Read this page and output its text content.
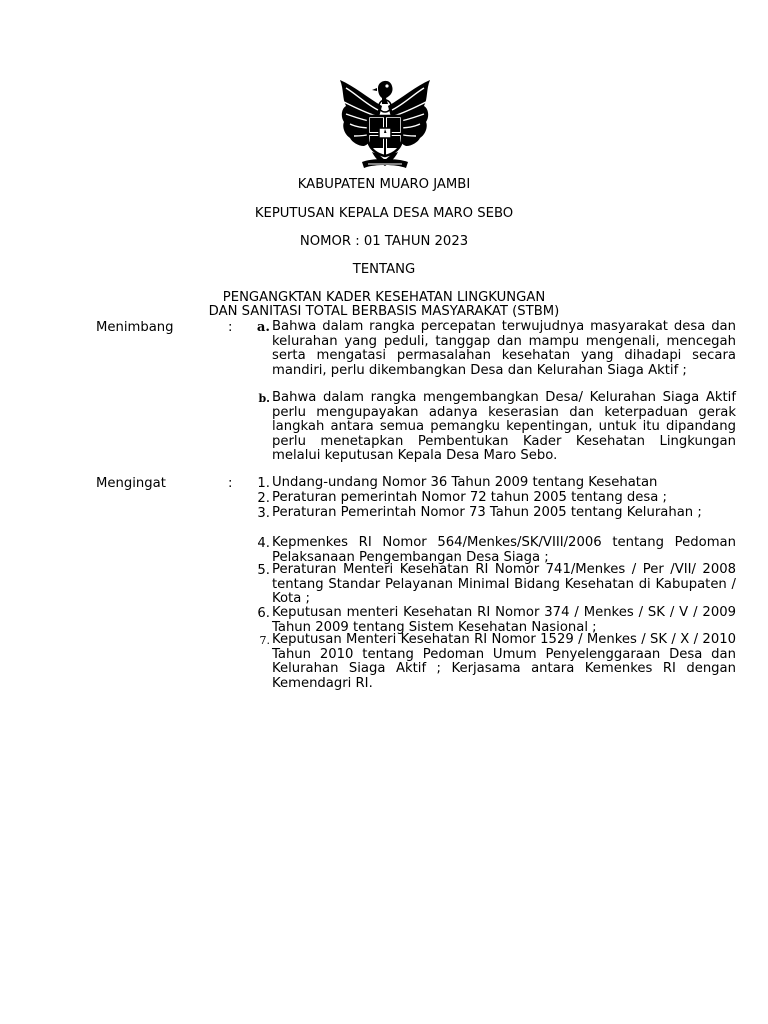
KABUPATEN MUARO JAMBI
KEPUTUSAN KEPALA DESA MARO SEBO
NOMOR : 01 TAHUN 2023
TENTANG
PENGANGKTAN KADER KESEHATAN LINGKUNGAN
DAN SANITASI TOTAL BERBASIS MASYARAKAT (STBM)
Menimbang	:	a. Bahwa dalam rangka percepatan terwujudnya masyarakat desa dan kelurahan yang peduli, tanggap dan mampu mengenali, mencegah serta mengatasi permasalahan kesehatan yang dihadapi secara mandiri, perlu dikembangkan Desa dan Kelurahan Siaga Aktif ;
b. Bahwa dalam rangka mengembangkan Desa/ Kelurahan Siaga Aktif perlu mengupayakan adanya keserasian dan keterpaduan gerak langkah antara semua pemangku kepentingan, untuk itu dipandang perlu menetapkan Pembentukan Kader Kesehatan Lingkungan melalui keputusan Kepala Desa Maro Sebo.
Mengingat	:	1. Undang-undang Nomor 36 Tahun 2009 tentang Kesehatan
2. Peraturan pemerintah Nomor 72 tahun 2005 tentang desa ;
3. Peraturan Pemerintah Nomor 73 Tahun 2005 tentang Kelurahan ;
4. Kepmenkes RI Nomor 564/Menkes/SK/VIII/2006 tentang Pedoman Pelaksanaan Pengembangan Desa Siaga ;
5. Peraturan Menteri Kesehatan RI Nomor 741/Menkes / Per /VII/ 2008 tentang Standar Pelayanan Minimal Bidang Kesehatan di Kabupaten / Kota ;
6. Keputusan menteri Kesehatan RI Nomor 374 / Menkes / SK / V / 2009 Tahun 2009 tentang Sistem Kesehatan Nasional ;
7. Keputusan Menteri Kesehatan RI Nomor 1529 / Menkes / SK / X / 2010 Tahun 2010 tentang Pedoman Umum Penyelenggaraan Desa dan Kelurahan Siaga Aktif ; Kerjasama antara Kemenkes RI dengan Kemendagri RI.
